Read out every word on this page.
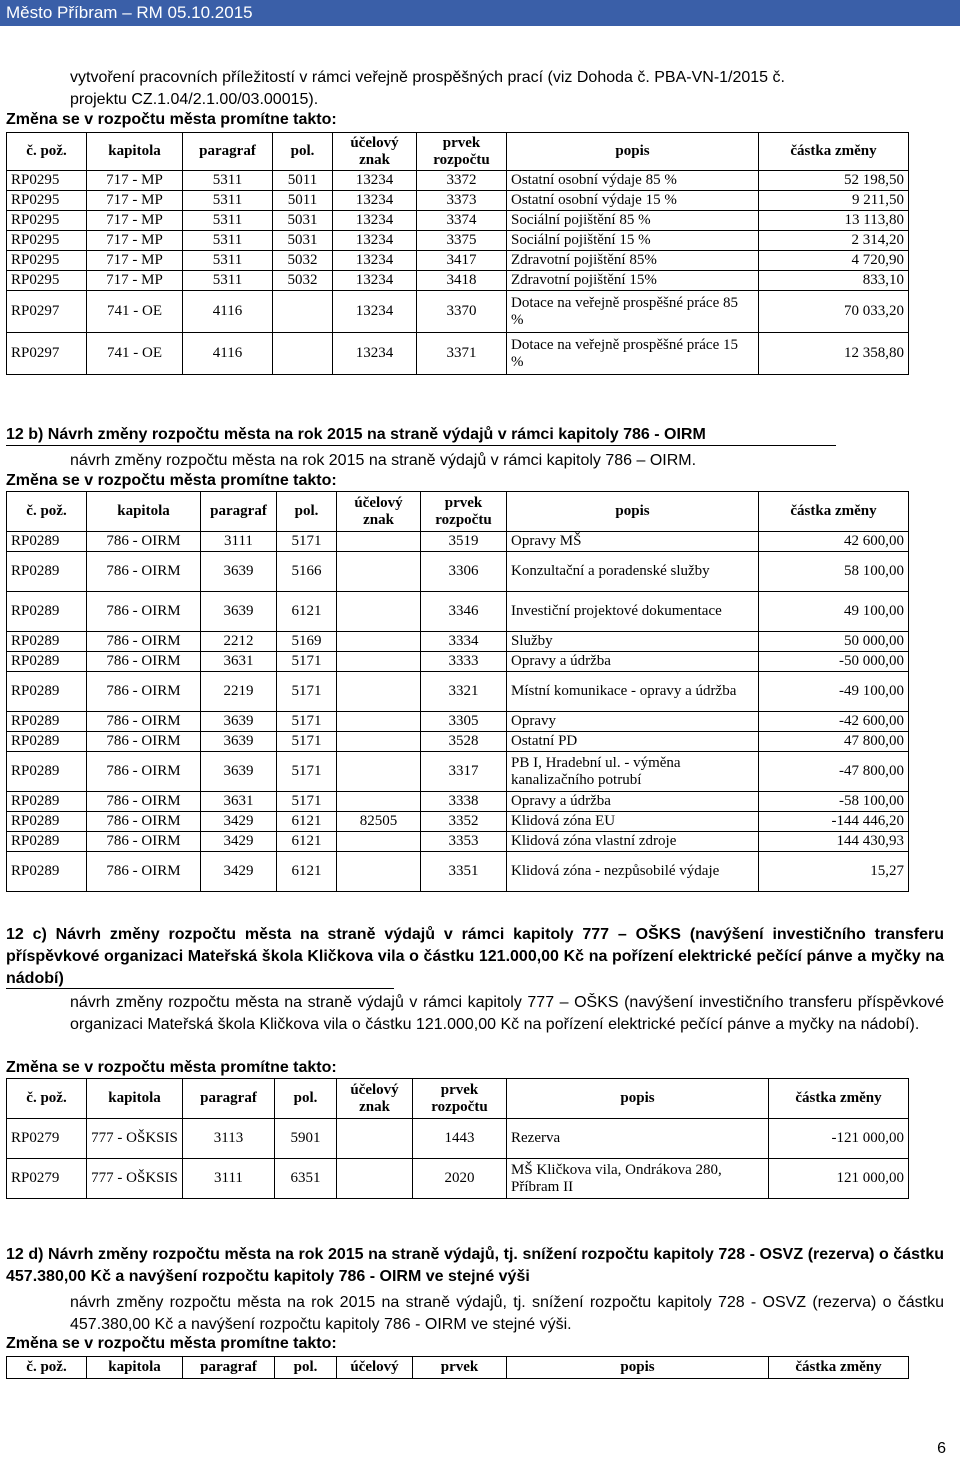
Město Příbram – RM 05.10.2015
vytvoření pracovních příležitostí v rámci veřejně prospěšných prací (viz Dohoda č. PBA-VN-1/2015 č.
projektu CZ.1.04/2.1.00/03.00015).
Změna se v rozpočtu města promítne takto:
č. pož.	kapitola	paragraf	pol.	účelový znak	prvek rozpočtu	popis	částka změny
RP0295	717 - MP	5311	5011	13234	3372	Ostatní osobní výdaje 85 %	52 198,50
RP0295	717 - MP	5311	5011	13234	3373	Ostatní osobní výdaje 15 %	9 211,50
RP0295	717 - MP	5311	5031	13234	3374	Sociální pojištění 85 %	13 113,80
RP0295	717 - MP	5311	5031	13234	3375	Sociální pojištění 15 %	2 314,20
RP0295	717 - MP	5311	5032	13234	3417	Zdravotní pojištění 85%	4 720,90
RP0295	717 - MP	5311	5032	13234	3418	Zdravotní pojištění 15%	833,10
RP0297	741 - OE	4116		13234	3370	Dotace na veřejně prospěšné práce 85 %	70 033,20
RP0297	741 - OE	4116		13234	3371	Dotace na veřejně prospěšné práce 15 %	12 358,80
12 b) Návrh změny rozpočtu města na rok 2015 na straně výdajů v rámci kapitoly 786 - OIRM
návrh změny rozpočtu města na rok 2015 na straně výdajů v rámci kapitoly 786 – OIRM.
Změna se v rozpočtu města promítne takto:
č. pož.	kapitola	paragraf	pol.	účelový znak	prvek rozpočtu	popis	částka změny
RP0289	786 - OIRM	3111	5171		3519	Opravy MŠ	42 600,00
RP0289	786 - OIRM	3639	5166		3306	Konzultační a poradenské služby	58 100,00
RP0289	786 - OIRM	3639	6121		3346	Investiční projektové dokumentace	49 100,00
RP0289	786 - OIRM	2212	5169		3334	Služby	50 000,00
RP0289	786 - OIRM	3631	5171		3333	Opravy a údržba	-50 000,00
RP0289	786 - OIRM	2219	5171		3321	Místní komunikace - opravy a údržba	-49 100,00
RP0289	786 - OIRM	3639	5171		3305	Opravy	-42 600,00
RP0289	786 - OIRM	3639	5171		3528	Ostatní PD	47 800,00
RP0289	786 - OIRM	3639	5171		3317	PB I, Hradební ul. - výměna kanalizačního potrubí	-47 800,00
RP0289	786 - OIRM	3631	5171		3338	Opravy a údržba	-58 100,00
RP0289	786 - OIRM	3429	6121	82505	3352	Klidová zóna EU	-144 446,20
RP0289	786 - OIRM	3429	6121		3353	Klidová zóna vlastní zdroje	144 430,93
RP0289	786 - OIRM	3429	6121		3351	Klidová zóna - nezpůsobilé výdaje	15,27
12 c) Návrh změny rozpočtu města na straně výdajů v rámci kapitoly 777 – OŠKS (navýšení investičního transferu příspěvkové organizaci Mateřská škola Kličkova vila o částku 121.000,00 Kč na pořízení elektrické pečící pánve a myčky na nádobí)
návrh změny rozpočtu města na straně výdajů v rámci kapitoly 777 – OŠKS (navýšení investičního transferu příspěvkové organizaci Mateřská škola Kličkova vila o částku 121.000,00 Kč na pořízení elektrické pečící pánve a myčky na nádobí).
Změna se v rozpočtu města promítne takto:
č. pož.	kapitola	paragraf	pol.	účelový znak	prvek rozpočtu	popis	částka změny
RP0279	777 - OŠKSIS	3113	5901		1443	Rezerva	-121 000,00
RP0279	777 - OŠKSIS	3111	6351		2020	MŠ Kličkova vila, Ondrákova 280, Příbram II	121 000,00
12 d) Návrh změny rozpočtu města na rok 2015 na straně výdajů, tj. snížení rozpočtu kapitoly 728 - OSVZ (rezerva) o částku 457.380,00 Kč a navýšení rozpočtu kapitoly 786 - OIRM ve stejné výši
návrh změny rozpočtu města na rok 2015 na straně výdajů, tj. snížení rozpočtu kapitoly 728 - OSVZ (rezerva) o částku 457.380,00 Kč a navýšení rozpočtu kapitoly 786 - OIRM ve stejné výši.
Změna se v rozpočtu města promítne takto:
č. pož.	kapitola	paragraf	pol.	účelový	prvek	popis	částka změny
6
